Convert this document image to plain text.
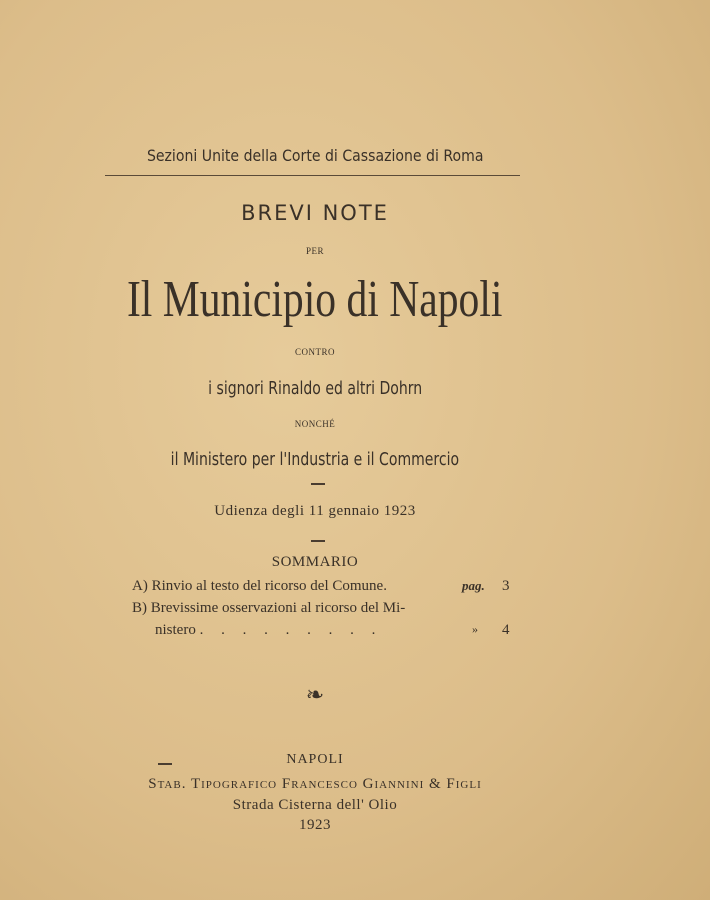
Sezioni Unite della Corte di Cassazione di Roma
BREVI NOTE
PER
Il Municipio di Napoli
CONTRO
i signori Rinaldo ed altri Dohrn
NONCHÉ
il Ministero per l'Industria e il Commercio
Udienza degli 11 gennaio 1923
SOMMARIO
A) Rinvio al testo del ricorso del Comune.	pag. 3
B) Brevissime osservazioni al ricorso del Mi-
nistero . . . . . . . . .	» 4
❧
NAPOLI
Stab. Tipografico Francesco Giannini & Figli
Strada Cisterna dell' Olio
1923
